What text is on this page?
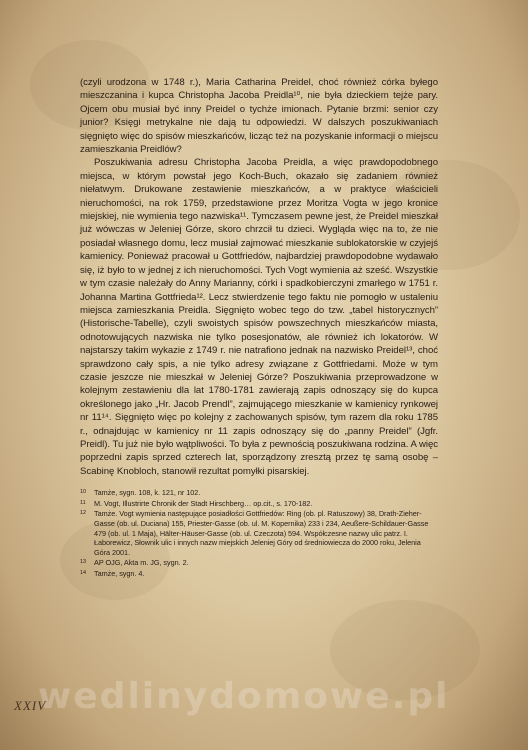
(czyli urodzona w 1748 r.), Maria Catharina Preidel, choć również córka byłego mieszczanina i kupca Christopha Jacoba Preidla¹⁰, nie była dzieckiem tejże pary. Ojcem obu musiał być inny Preidel o tychże imionach. Pytanie brzmi: senior czy junior? Księgi metrykalne nie dają tu odpowiedzi. W dalszych poszukiwaniach sięgnięto więc do spisów mieszkańców, licząc też na pozyskanie informacji o miejscu zamieszkania Preidlów?

Poszukiwania adresu Christopha Jacoba Preidla, a więc prawdopodobnego miejsca, w którym powstał jego Koch-Buch, okazało się zadaniem również niełatwym. Drukowane zestawienie mieszkańców, a w praktyce właścicieli nieruchomości, na rok 1759, przedstawione przez Moritza Vogta w jego kronice miejskiej, nie wymienia tego nazwiska¹¹. Tymczasem pewne jest, że Preidel mieszkał już wówczas w Jeleniej Górze, skoro chrzcił tu dzieci. Wygląda więc na to, że nie posiadał własnego domu, lecz musiał zajmować mieszkanie sublokatorskie w czyjejś kamienicy. Ponieważ pracował u Gottfriedów, najbardziej prawdopodobne wydawało się, iż było to w jednej z ich nieruchomości. Tych Vogt wymienia aż sześć. Wszystkie w tym czasie należały do Anny Marianny, córki i spadkobierczyni zmarłego w 1751 r. Johanna Martina Gottfrieda¹². Lecz stwierdzenie tego faktu nie pomogło w ustaleniu miejsca zamieszkania Preidla. Sięgnięto wobec tego do tzw. „tabel historycznych” (Historische-Tabelle), czyli swoistych spisów powszechnych mieszkańców miasta, odnotowujących nazwiska nie tylko posesjonatów, ale również ich lokatorów. W najstarszy takim wykazie z 1749 r. nie natrafiono jednak na nazwisko Preidel¹³, choć sprawdzono cały spis, a nie tylko adresy związane z Gottfriedami. Może w tym czasie jeszcze nie mieszkał w Jeleniej Górze? Poszukiwania przeprowadzone w kolejnym zestawieniu dla lat 1780-1781 zawierają zapis odnoszący się do kupca określonego jako „Hr. Jacob Prendl”, zajmującego mieszkanie w kamienicy rynkowej nr 11¹⁴. Sięgnięto więc po kolejny z zachowanych spisów, tym razem dla roku 1785 r., odnajdując w kamienicy nr 11 zapis odnoszący się do „panny Preidel” (Jgfr. Preidl). Tu już nie było wątpliwości. To była z pewnością poszukiwana rodzina. A więc poprzedni zapis sprzed czterech lat, sporządzony zresztą przez tę samą osobę – Scabinę Knobloch, stanowił rezultat pomyłki pisarskiej.

10 Tamże, sygn. 108, k. 121, nr 102.
11 M. Vogt, Illustrirte Chronik der Stadt Hirschberg… op.cit., s. 170-182.
12 Tamże. Vogt wymienia następujące posiadłości Gottfriedów: Ring (ob. pl. Ratuszowy) 38, Drath-Zieher-Gasse (ob. ul. Duciana) 155, Priester-Gasse (ob. ul. M. Kopernika) 233 i 234, Aeußere-Schildauer-Gasse 479 (ob. ul. 1 Maja), Hälter-Häuser-Gasse (ob. ul. Czeczota) 594. Współczesne nazwy ulic patrz. I. Łaborewicz, Słownik ulic i innych nazw miejskich Jeleniej Góry od średniowiecza do 2000 roku, Jelenia Góra 2001.
13 AP OJG, Akta m. JG, sygn. 2.
14 Tamże, sygn. 4.
wedlinydomowe.pl
XXIV
